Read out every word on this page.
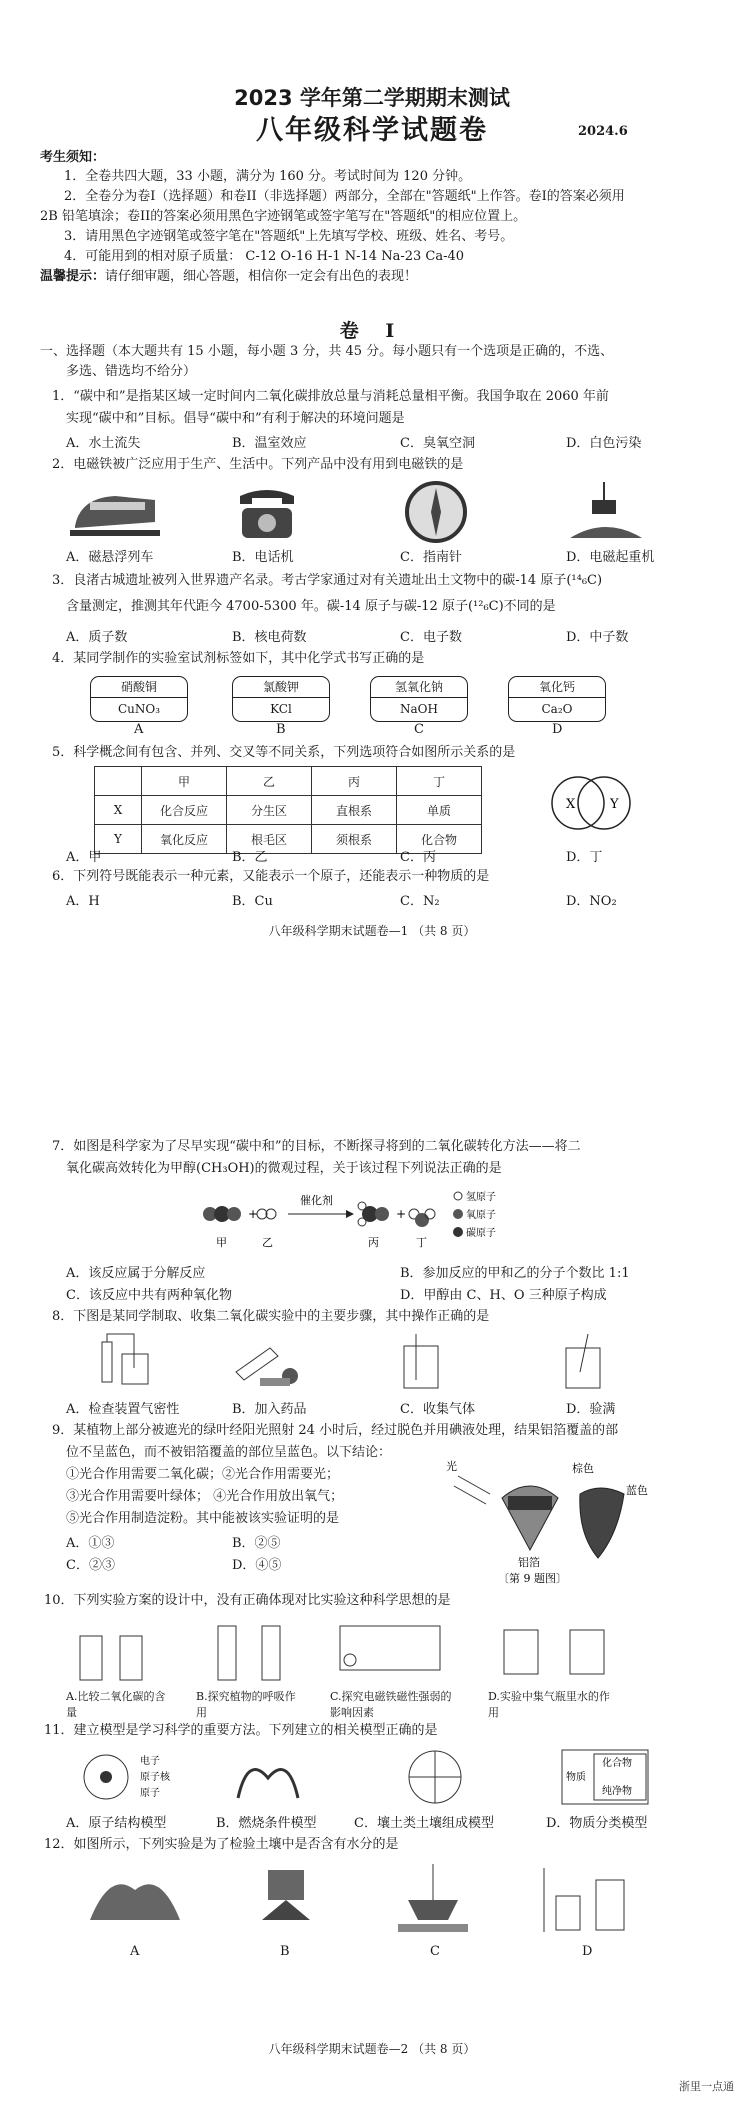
2023 学年第二学期期末测试
八年级科学试题卷	2024.6
考生须知：
1．全卷共四大题，33 小题，满分为 160 分。考试时间为 120 分钟。
2．全卷分为卷I（选择题）和卷II（非选择题）两部分，全部在"答题纸"上作答。卷I的答案必须用
2B 铅笔填涂；卷II的答案必须用黑色字迹钢笔或签字笔写在"答题纸"的相应位置上。
3．请用黑色字迹钢笔或签字笔在"答题纸"上先填写学校、班级、姓名、考号。
4．可能用到的相对原子质量： C-12 O-16 H-1 N-14 Na-23 Ca-40
温馨提示：请仔细审题，细心答题，相信你一定会有出色的表现！
卷 I
一、选择题（本大题共有 15 小题，每小题 3 分，共 45 分。每小题只有一个选项是正确的，不选、
多选、错选均不给分）
1．“碳中和”是指某区域一定时间内二氧化碳排放总量与消耗总量相平衡。我国争取在 2060 年前
实现“碳中和”目标。倡导“碳中和”有利于解决的环境问题是
A．水土流失	B．温室效应	C．臭氧空洞	D．白色污染
2．电磁铁被广泛应用于生产、生活中。下列产品中没有用到电磁铁的是
A．磁悬浮列车	B．电话机	C．指南针	D．电磁起重机
3．良渚古城遗址被列入世界遗产名录。考古学家通过对有关遗址出土文物中的碳-14 原子(¹⁴₆C)
含量测定，推测其年代距今 4700-5300 年。碳-14 原子与碳-12 原子(¹²₆C)不同的是
A．质子数	B．核电荷数	C．电子数	D．中子数
4．某同学制作的实验室试剂标签如下，其中化学式书写正确的是
硝酸铜
CuNO₃
氯酸钾
KCl
氢氧化钠
NaOH
氧化钙
Ca₂O
A	B	C	D
5．科学概念间有包含、并列、交叉等不同关系，下列选项符合如图所示关系的是
	甲	乙	丙	丁
X	化合反应	分生区	直根系	单质
Y	氧化反应	根毛区	须根系	化合物
X	Y
A．甲	B．乙	C．丙	D．丁
6．下列符号既能表示一种元素，又能表示一个原子，还能表示一种物质的是
A．H	B．Cu	C．N₂	D．NO₂
八年级科学期末试题卷—1 （共 8 页）
7．如图是科学家为了尽早实现“碳中和”的目标，不断探寻将到的二氧化碳转化方法——将二
氧化碳高效转化为甲醇(CH₃OH)的微观过程，关于该过程下列说法正确的是
+
催化剂
+
甲	乙	丙	丁
氢原子
氧原子
碳原子
A．该反应属于分解反应	B．参加反应的甲和乙的分子个数比 1:1
C．该反应中共有两种氧化物	D．甲醇由 C、H、O 三种原子构成
8．下图是某同学制取、收集二氧化碳实验中的主要步骤，其中操作正确的是
A．检查装置气密性	B．加入药品	C．收集气体	D．验满
9．某植物上部分被遮光的绿叶经阳光照射 24 小时后，经过脱色并用碘液处理，结果铝箔覆盖的部
位不呈蓝色，而不被铝箔覆盖的部位呈蓝色。以下结论：
①光合作用需要二氧化碳；②光合作用需要光；
③光合作用需要叶绿体； ④光合作用放出氧气；
⑤光合作用制造淀粉。其中能被该实验证明的是
A．①③	B．②⑤
C．②③	D．④⑤
光	棕色
蓝色
铝箔
〔第 9 题图〕
10．下列实验方案的设计中，没有正确体现对比实验这种科学思想的是
A.比较二氧化碳的含量
B.探究植物的呼吸作用
C.探究电磁铁磁性强弱的影响因素
D.实验中集气瓶里水的作用
11．建立模型是学习科学的重要方法。下列建立的相关模型正确的是
电子
原子核
原子
物质
化合物
纯净物
A．原子结构模型	B．燃烧条件模型	C．壤土类土壤组成模型	D．物质分类模型
12．如图所示，下列实验是为了检验土壤中是否含有水分的是
A	B	C	D
八年级科学期末试题卷—2 （共 8 页）
浙里一点通
